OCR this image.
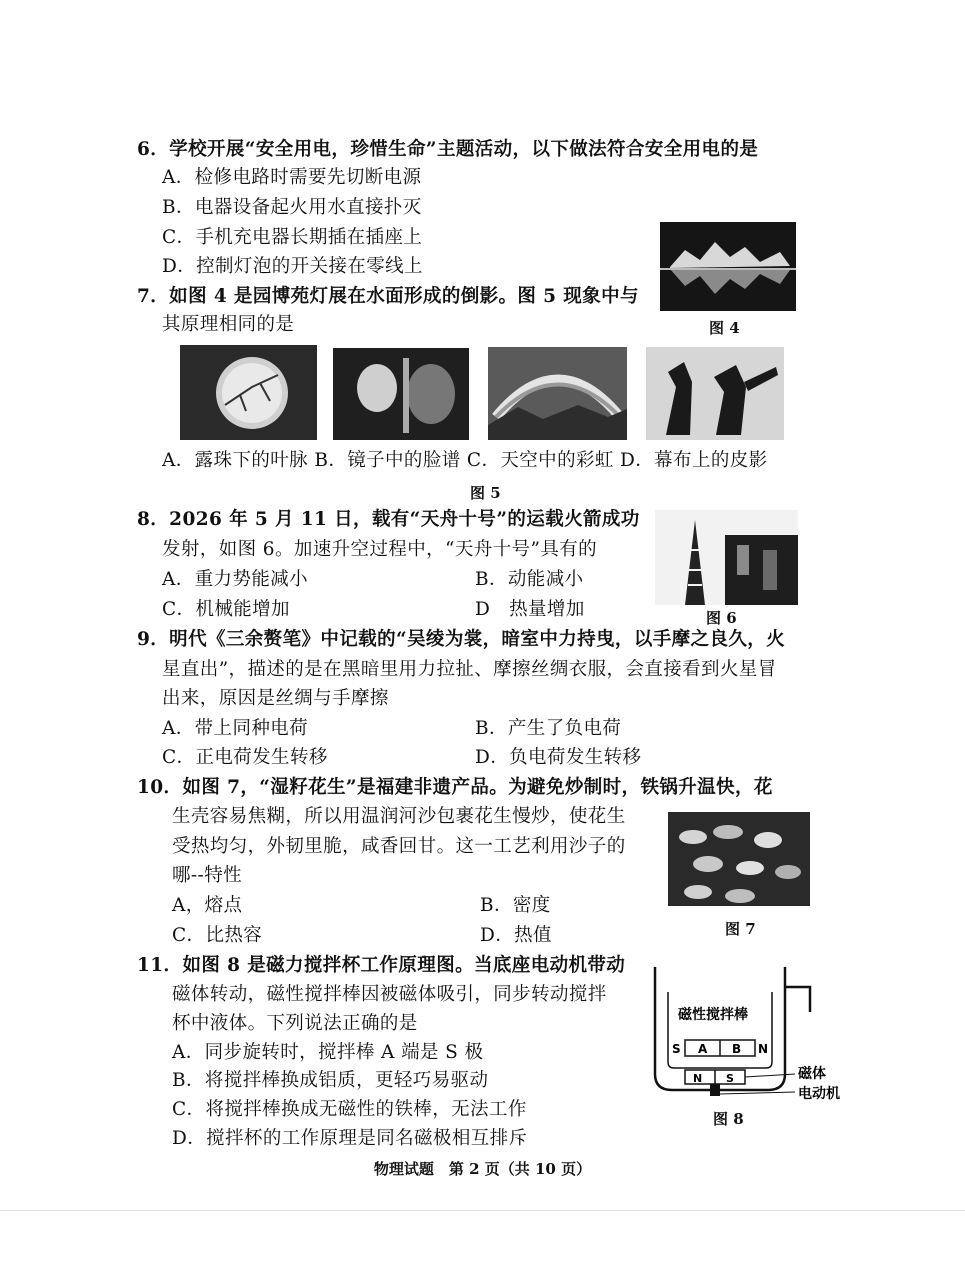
6．学校开展“安全用电，珍惜生命”主题活动，以下做法符合安全用电的是
A．检修电路时需要先切断电源
B．电器设备起火用水直接扑灭
C．手机充电器长期插在插座上
D．控制灯泡的开关接在零线上
7．如图 4 是园博苑灯展在水面形成的倒影。图 5 现象中与
其原理相同的是	图 4
A．露珠下的叶脉 B．镜子中的脸谱 C．天空中的彩虹 D．幕布上的皮影
图 5
8．2026 年 5 月 11 日，载有“天舟十号”的运载火箭成功
发射，如图 6。加速升空过程中，“天舟十号”具有的
A．重力势能减小	B．动能减小
C．机械能增加	D　热量增加	图 6
9．明代《三余赘笔》中记载的“吴绫为裳，暗室中力持曳，以手摩之良久，火
星直出”，描述的是在黑暗里用力拉扯、摩擦丝绸衣服，会直接看到火星冒
出来，原因是丝绸与手摩擦
A．带上同种电荷	B．产生了负电荷
C．正电荷发生转移	D．负电荷发生转移
10．如图 7，“湿籽花生”是福建非遗产品。为避免炒制时，铁锅升温快，花
生壳容易焦糊，所以用温润河沙包裹花生慢炒，使花生
受热均匀，外韧里脆，咸香回甘。这一工艺利用沙子的
哪--特性
A，熔点	B．密度
C．比热容	D．热值	图 7
11．如图 8 是磁力搅拌杯工作原理图。当底座电动机带动
磁体转动，磁性搅拌棒因被磁体吸引，同步转动搅拌
杯中液体。下列说法正确的是
A．同步旋转时，搅拌棒 A 端是 S 极
B．将搅拌棒换成铝质，更轻巧易驱动
C．将搅拌棒换成无磁性的铁棒，无法工作
D．搅拌杯的工作原理是同名磁极相互排斥
磁性搅拌棒
S A B N
N S	磁体
电动机
图 8
物理试题　第 2 页（共 10 页）
